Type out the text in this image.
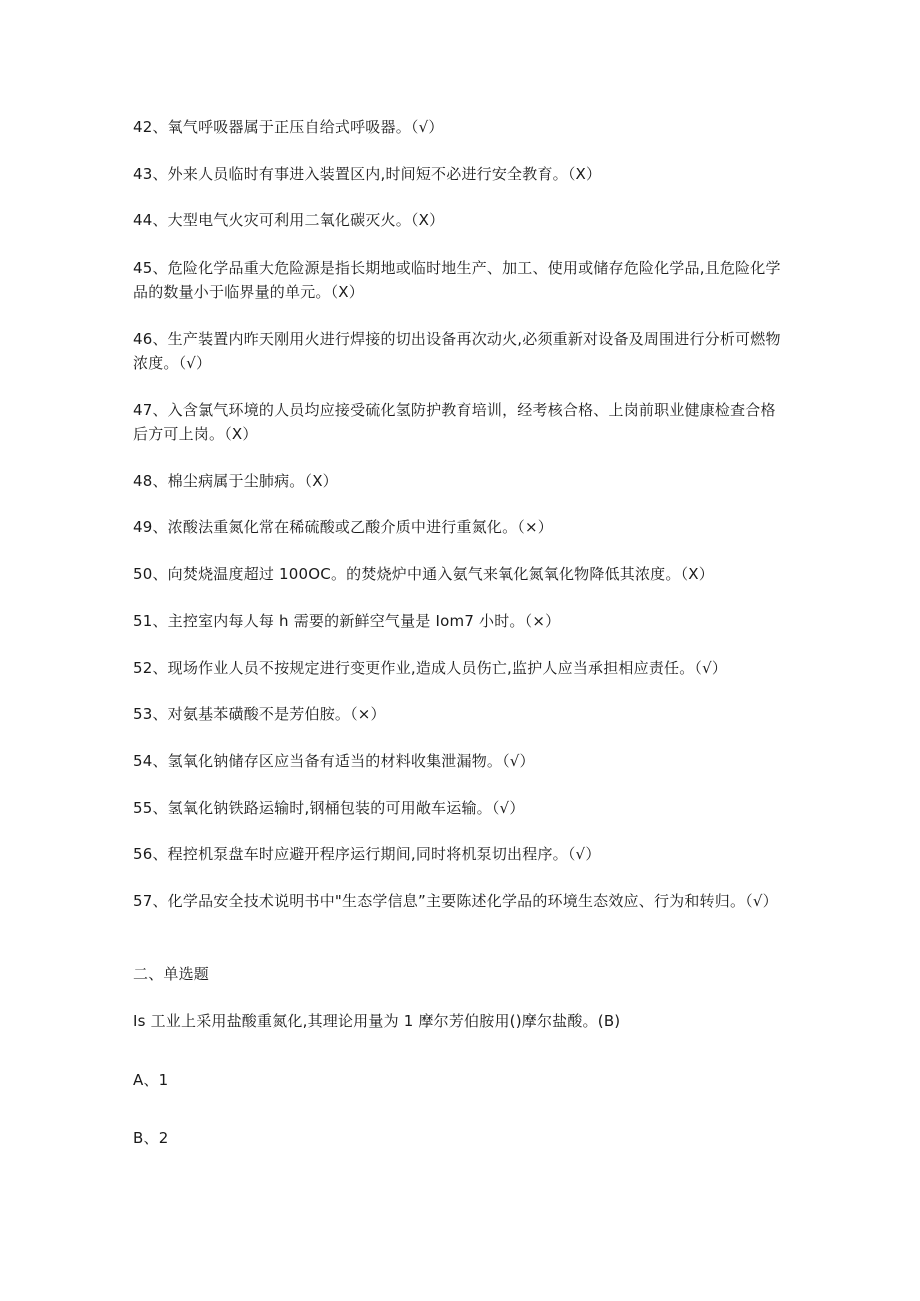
42、氧气呼吸器属于正压自给式呼吸器。（√）
43、外来人员临时有事进入装置区内,时间短不必进行安全教育。（X）
44、大型电气火灾可利用二氧化碳灭火。（X）
45、危险化学品重大危险源是指长期地或临时地生产、加工、使用或储存危险化学品,且危险化学品的数量小于临界量的单元。（X）
46、生产装置内昨天刚用火进行焊接的切出设备再次动火,必须重新对设备及周围进行分析可燃物浓度。（√）
47、入含氯气环境的人员均应接受硫化氢防护教育培训，经考核合格、上岗前职业健康检查合格后方可上岗。（X）
48、棉尘病属于尘肺病。（X）
49、浓酸法重氮化常在稀硫酸或乙酸介质中进行重氮化。（×）
50、向焚烧温度超过 100OC。的焚烧炉中通入氨气来氧化氮氧化物降低其浓度。（X）
51、主控室内每人每 h 需要的新鲜空气量是 Iom7 小时。（×）
52、现场作业人员不按规定进行变更作业,造成人员伤亡,监护人应当承担相应责任。（√）
53、对氨基苯磺酸不是芳伯胺。（×）
54、氢氧化钠储存区应当备有适当的材料收集泄漏物。（√）
55、氢氧化钠铁路运输时,钢桶包装的可用敞车运输。（√）
56、程控机泵盘车时应避开程序运行期间,同时将机泵切出程序。（√）
57、化学品安全技术说明书中"生态学信息”主要陈述化学品的环境生态效应、行为和转归。（√）
二、单选题
Is 工业上采用盐酸重氮化,其理论用量为 1 摩尔芳伯胺用()摩尔盐酸。(B)
A、1
B、2
